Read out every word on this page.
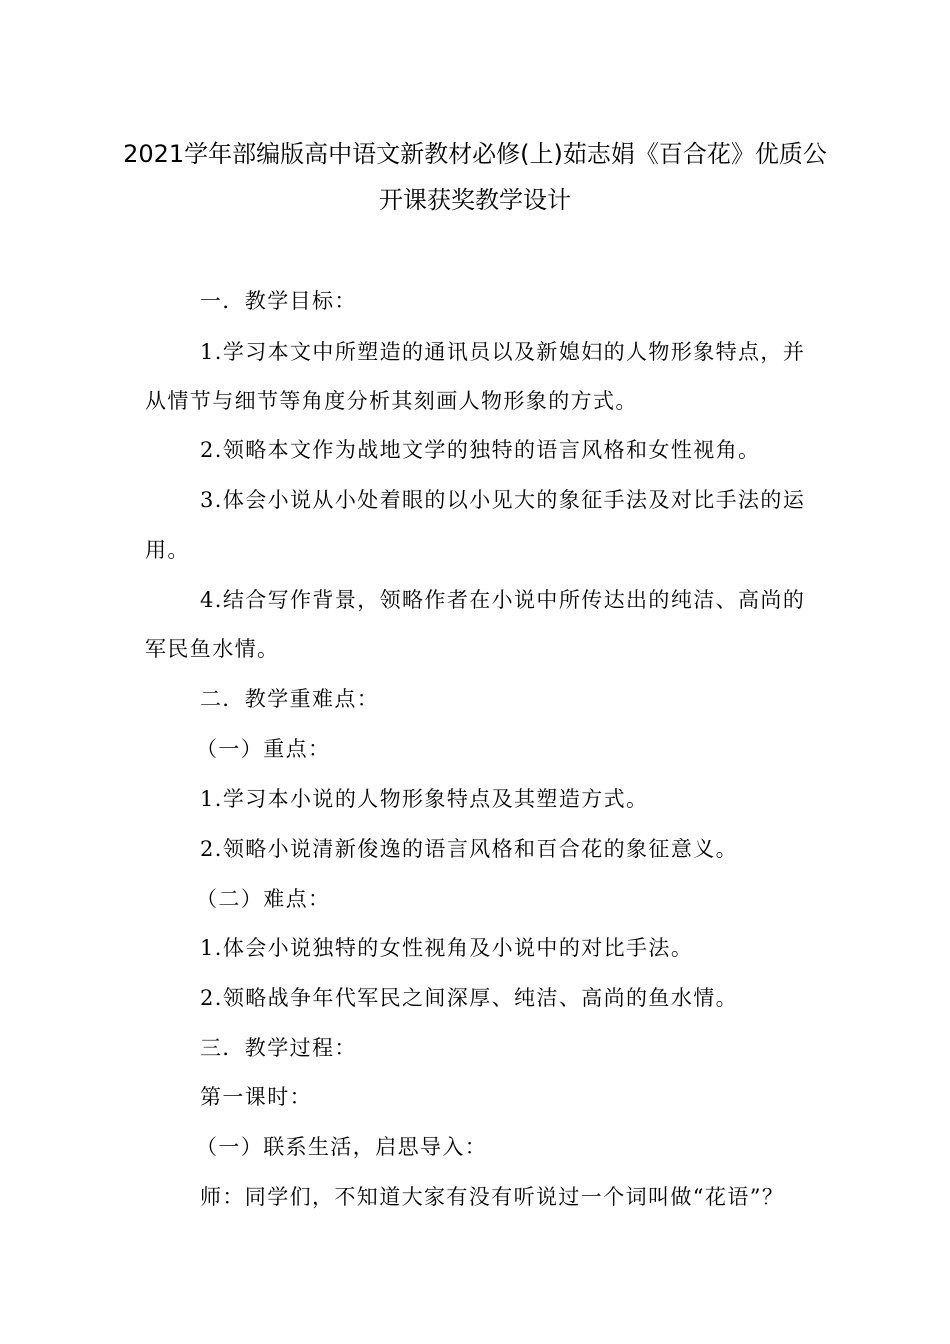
2021学年部编版高中语文新教材必修(上)茹志娟《百合花》优质公
开课获奖教学设计
一．教学目标：
1.学习本文中所塑造的通讯员以及新媳妇的人物形象特点，并
从情节与细节等角度分析其刻画人物形象的方式。
2.领略本文作为战地文学的独特的语言风格和女性视角。
3.体会小说从小处着眼的以小见大的象征手法及对比手法的运
用。
4.结合写作背景，领略作者在小说中所传达出的纯洁、高尚的
军民鱼水情。
二．教学重难点：
（一）重点：
1.学习本小说的人物形象特点及其塑造方式。
2.领略小说清新俊逸的语言风格和百合花的象征意义。
（二）难点：
1.体会小说独特的女性视角及小说中的对比手法。
2.领略战争年代军民之间深厚、纯洁、高尚的鱼水情。
三．教学过程：
第一课时：
（一）联系生活，启思导入：
师：同学们，不知道大家有没有听说过一个词叫做“花语”？
